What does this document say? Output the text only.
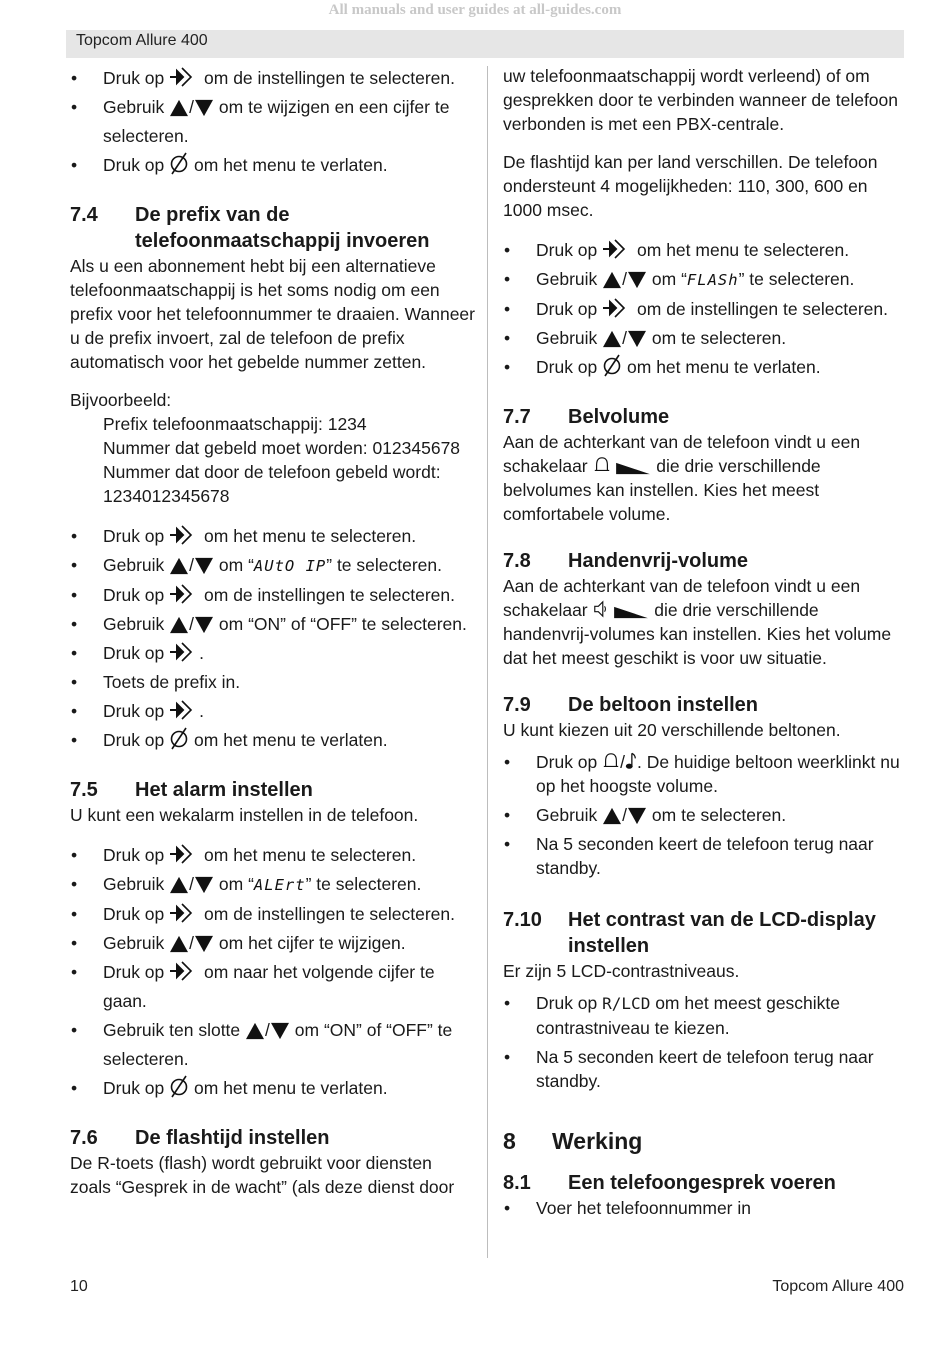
All manuals and user guides at all-guides.com
Topcom Allure 400
• Druk op om de instellingen te selecteren.
• Gebruik / om te wijzigen en een cijfer te selecteren.
• Druk op om het menu te verlaten.
7.4	De prefix van de telefoonmaatschappij invoeren

Als u een abonnement hebt bij een alternatieve telefoonmaatschappij is het soms nodig om een prefix voor het telefoonnummer te draaien. Wanneer u de prefix invoert, zal de telefoon de prefix automatisch voor het gebelde nummer zetten.

Bijvoorbeeld:

Prefix telefoonmaatschappij: 1234

Nummer dat gebeld moet worden: 012345678

Nummer dat door de telefoon gebeld wordt:

1234012345678

• Druk op om het menu te selecteren.
• Gebruik / om “AUtO IP” te selecteren.
• Druk op om de instellingen te selecteren.
• Gebruik / om “ON” of “OFF” te selecteren.
• Druk op .
• Toets de prefix in.
• Druk op .
• Druk op om het menu te verlaten.
7.5	Het alarm instellen

U kunt een wekalarm instellen in de telefoon.

• Druk op om het menu te selecteren.
• Gebruik / om “ALErt” te selecteren.
• Druk op om de instellingen te selecteren.
• Gebruik / om het cijfer te wijzigen.
• Druk op om naar het volgende cijfer te gaan.
• Gebruik ten slotte / om “ON” of “OFF” te selecteren.
• Druk op om het menu te verlaten.
7.6	De flashtijd instellen

De R-toets (flash) wordt gebruikt voor diensten zoals “Gesprek in de wacht” (als deze dienst door

uw telefoonmaatschappij wordt verleend) of om gesprekken door te verbinden wanneer de telefoon verbonden is met een PBX-centrale.

De flashtijd kan per land verschillen. De telefoon ondersteunt 4 mogelijkheden: 110, 300, 600 en 1000 msec.

• Druk op om het menu te selecteren.
• Gebruik / om “FLASh” te selecteren.
• Druk op om de instellingen te selecteren.
• Gebruik / om te selecteren.
• Druk op om het menu te verlaten.
7.7	Belvolume

Aan de achterkant van de telefoon vindt u een schakelaar	die drie verschillende belvolumes kan instellen. Kies het meest comfortabele volume.

7.8	Handenvrij-volume

Aan de achterkant van de telefoon vindt u een schakelaar	die drie verschillende handenvrij-volumes kan instellen. Kies het volume dat het meest geschikt is voor uw situatie.

7.9	De beltoon instellen

U kunt kiezen uit 20 verschillende beltonen.

• Druk op / . De huidige beltoon weerklinkt nu op het hoogste volume.
• Gebruik / om te selecteren.
• Na 5 seconden keert de telefoon terug naar standby.
7.10	Het contrast van de LCD-display instellen

Er zijn 5 LCD-contrastniveaus.

• Druk op R/LCD om het meest geschikte contrastniveau te kiezen.
• Na 5 seconden keert de telefoon terug naar standby.
8	Werking
8.1	Een telefoongesprek voeren
• Voer het telefoonnummer in
10	Topcom Allure 400
